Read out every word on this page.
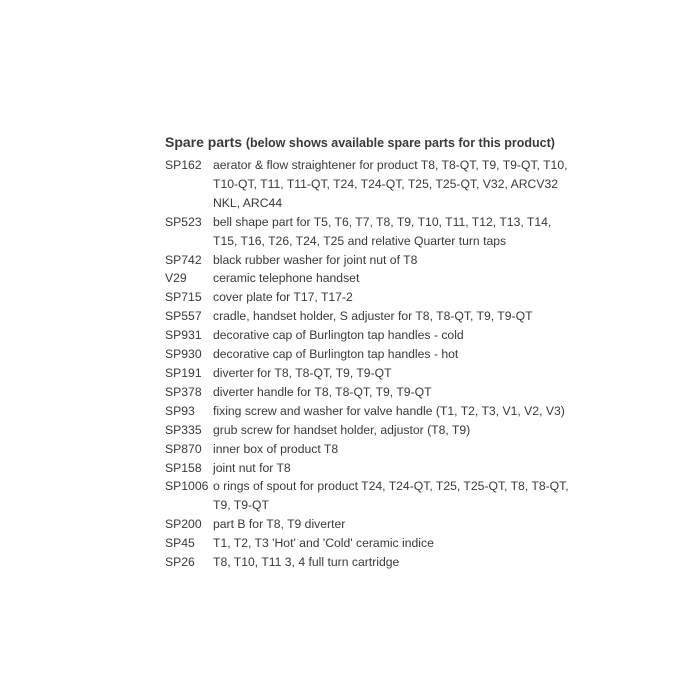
Spare parts (below shows available spare parts for this product)
SP162 aerator & flow straightener for product T8, T8-QT, T9, T9-QT, T10,
T10-QT, T11, T11-QT, T24, T24-QT, T25, T25-QT, V32, ARCV32
NKL, ARC44
SP523 bell shape part for T5, T6, T7, T8, T9, T10, T11, T12, T13, T14,
T15, T16, T26, T24, T25 and relative Quarter turn taps
SP742 black rubber washer for joint nut of T8
V29	ceramic telephone handset
SP715 cover plate for T17, T17-2
SP557 cradle, handset holder, S adjuster for T8, T8-QT, T9, T9-QT
SP931 decorative cap of Burlington tap handles - cold
SP930 decorative cap of Burlington tap handles - hot
SP191 diverter for T8, T8-QT, T9, T9-QT
SP378 diverter handle for T8, T8-QT, T9, T9-QT
SP93	fixing screw and washer for valve handle (T1, T2, T3, V1, V2, V3)
SP335 grub screw for handset holder, adjustor (T8, T9)
SP870 inner box of product T8
SP158 joint nut for T8
SP1006 o rings of spout for product T24, T24-QT, T25, T25-QT, T8, T8-QT,
T9, T9-QT
SP200 part B for T8, T9 diverter
SP45	T1, T2, T3 'Hot' and 'Cold' ceramic indice
SP26	T8, T10, T11 3, 4 full turn cartridge
